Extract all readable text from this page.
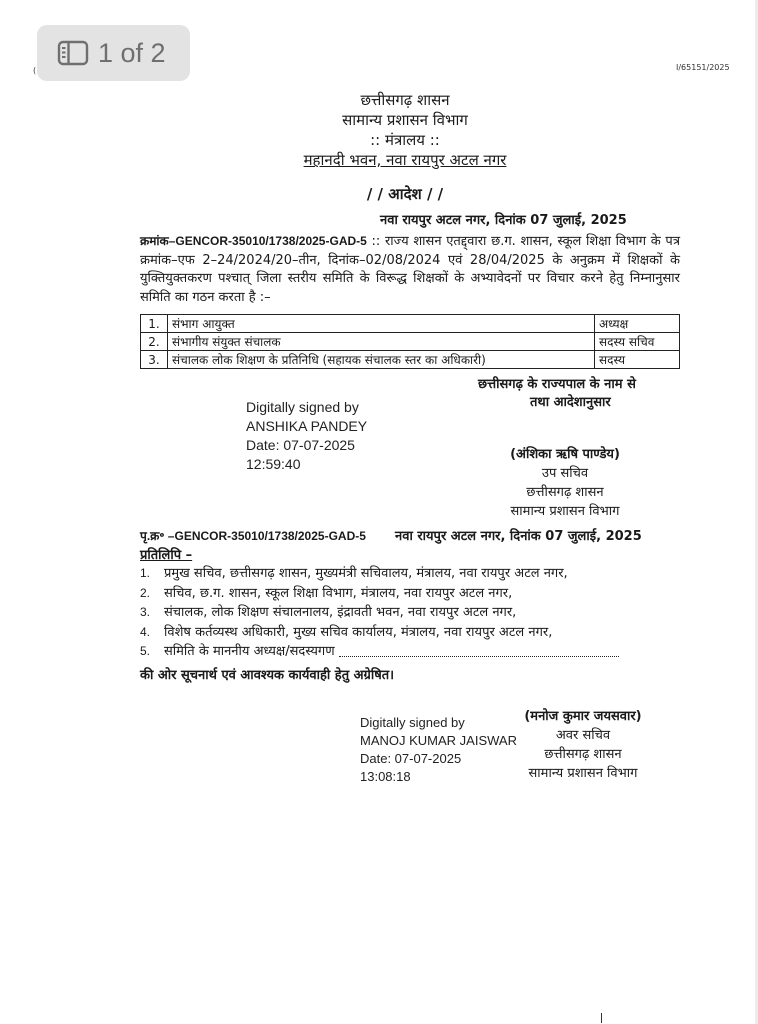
(	I/65151/2025
छत्तीसगढ़ शासन
सामान्य प्रशासन विभाग
:: मंत्रालय ::
महानदी भवन, नवा रायपुर अटल नगर
/ / आदेश / /
नवा रायपुर अटल नगर, दिनांक 07 जुलाई, 2025
क्रमांक–GENCOR-35010/1738/2025-GAD-5 :: राज्य शासन एतद्द्वारा छ.ग. शासन, स्कूल शिक्षा विभाग के पत्र क्रमांक–एफ 2–24/2024/20–तीन, दिनांक–02/08/2024 एवं 28/04/2025 के अनुक्रम में शिक्षकों के युक्तियुक्तकरण पश्चात् जिला स्तरीय समिति के विरूद्ध शिक्षकों के अभ्यावेदनों पर विचार करने हेतु निम्नानुसार समिति का गठन करता है :–
1.	संभाग आयुक्त	अध्यक्ष
2.	संभागीय संयुक्त संचालक	सदस्य सचिव
3.	संचालक लोक शिक्षण के प्रतिनिधि (सहायक संचालक स्तर का अधिकारी)	सदस्य
छत्तीसगढ़ के राज्यपाल के नाम से
तथा आदेशानुसार
Digitally signed by
ANSHIKA PANDEY
Date: 07-07-2025
12:59:40
(अंशिका ऋषि पाण्डेय)
उप सचिव
छत्तीसगढ़ शासन
सामान्य प्रशासन विभाग
पृ.क्र॰ –GENCOR-35010/1738/2025-GAD-5 नवा रायपुर अटल नगर, दिनांक 07 जुलाई, 2025
प्रतिलिपि –
1.	प्रमुख सचिव, छत्तीसगढ़ शासन, मुख्यमंत्री सचिवालय, मंत्रालय, नवा रायपुर अटल नगर,
2.	सचिव, छ.ग. शासन, स्कूल शिक्षा विभाग, मंत्रालय, नवा रायपुर अटल नगर,
3.	संचालक, लोक शिक्षण संचालनालय, इंद्रावती भवन, नवा रायपुर अटल नगर,
4.	विशेष कर्तव्यस्थ अधिकारी, मुख्य सचिव कार्यालय, मंत्रालय, नवा रायपुर अटल नगर,
5.	समिति के माननीय अध्यक्ष/सदस्यगण
की ओर सूचनार्थ एवं आवश्यक कार्यवाही हेतु अग्रेषित।
Digitally signed by
MANOJ KUMAR JAISWAR
Date: 07-07-2025
13:08:18
(मनोज कुमार जयसवार)
अवर सचिव
छत्तीसगढ़ शासन
सामान्य प्रशासन विभाग
1 of 2
